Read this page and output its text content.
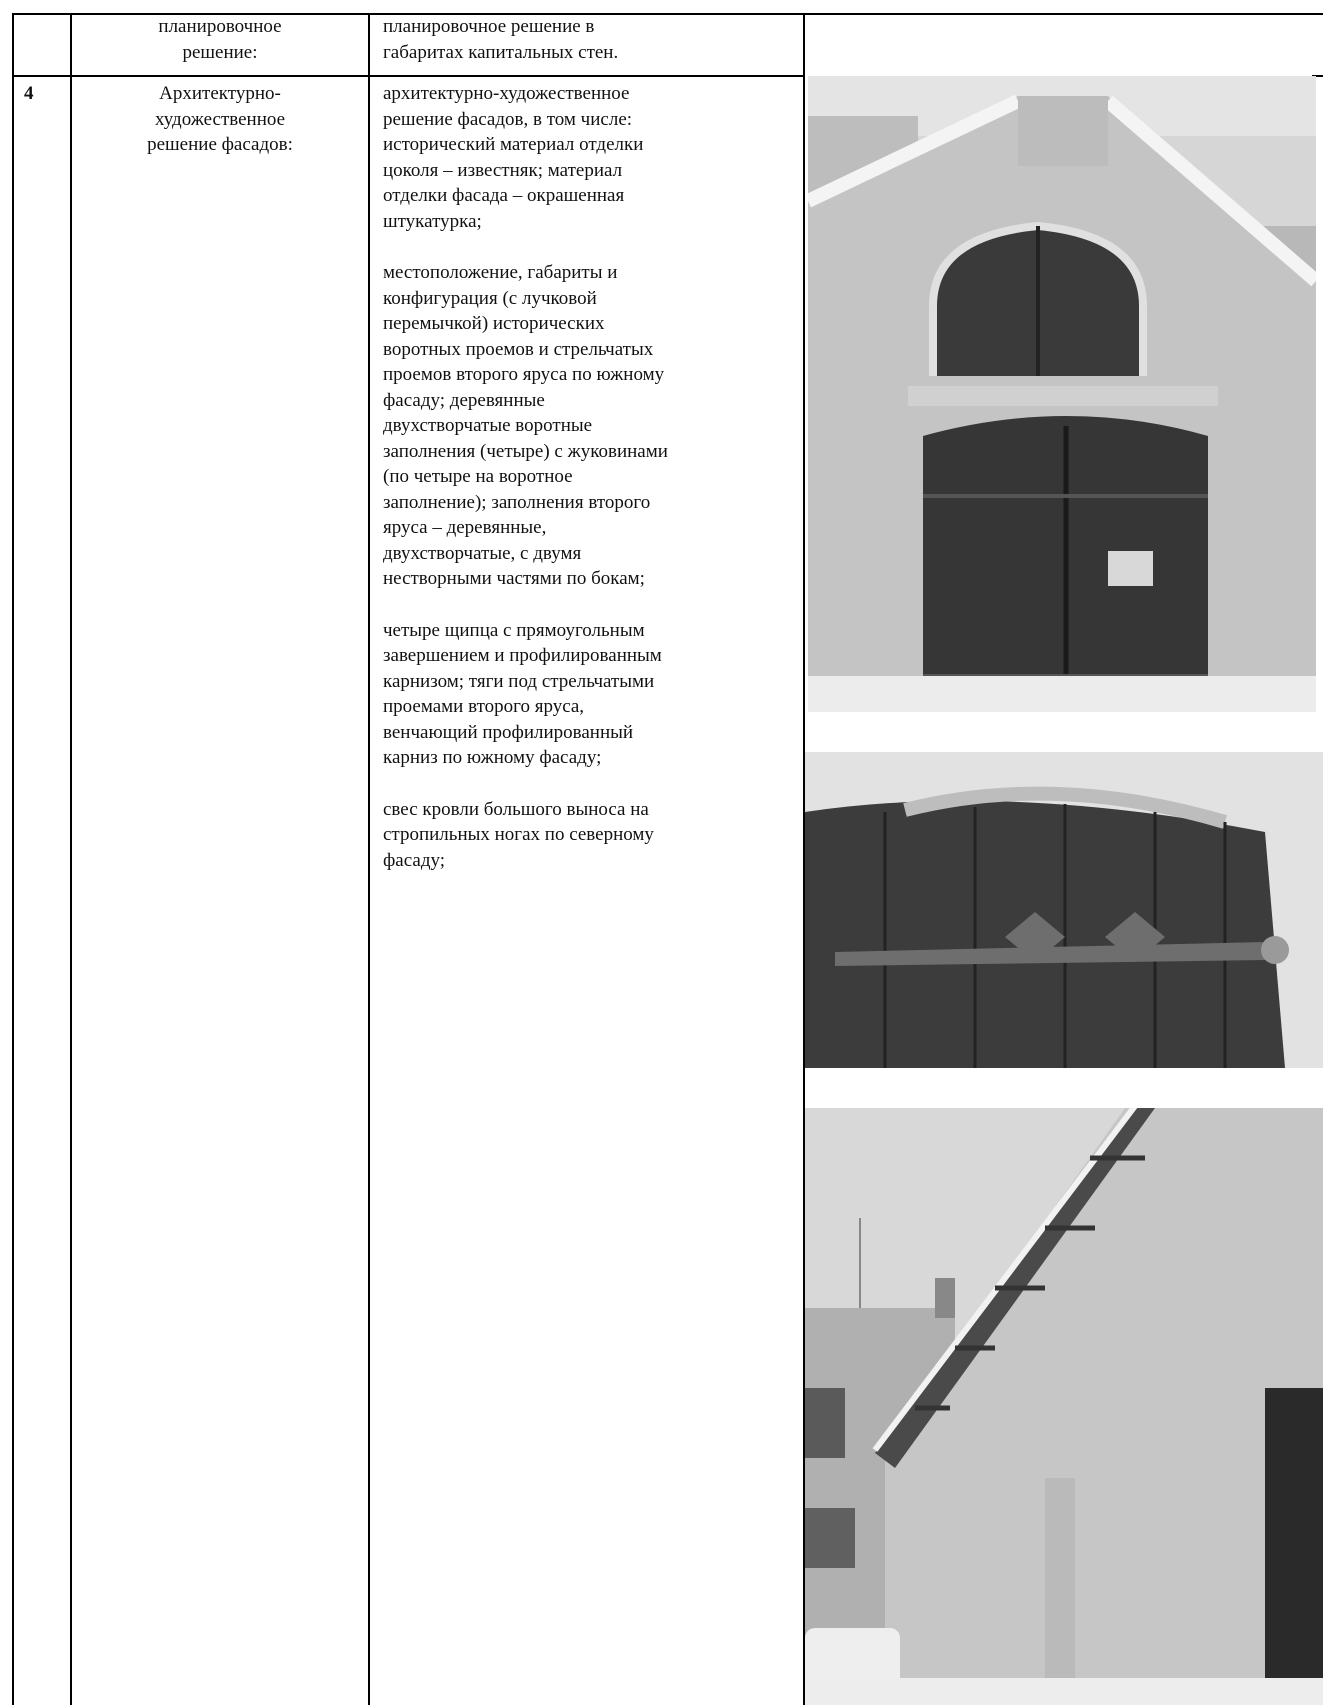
планировочное

решение:

планировочное решение в

габаритах капитальных стен.

4	Архитектурно-

художественное

решение фасадов:

архитектурно-художественное

решение фасадов, в том числе:

исторический материал отделки

цоколя – известняк; материал

отделки фасада – окрашенная

штукатурка;

местоположение, габариты и

конфигурация (с лучковой

перемычкой) исторических

воротных проемов и стрельчатых

проемов второго яруса по южному

фасаду; деревянные

двухстворчатые воротные

заполнения (четыре) с жуковинами

(по четыре на воротное

заполнение); заполнения второго

яруса – деревянные,

двухстворчатые, с двумя

нестворными частями по бокам;

четыре щипца с прямоугольным

завершением и профилированным

карнизом; тяги под стрельчатыми

проемами второго яруса,

венчающий профилированный

карниз по южному фасаду;

свес кровли большого выноса на

стропильных ногах по северному

фасаду;
